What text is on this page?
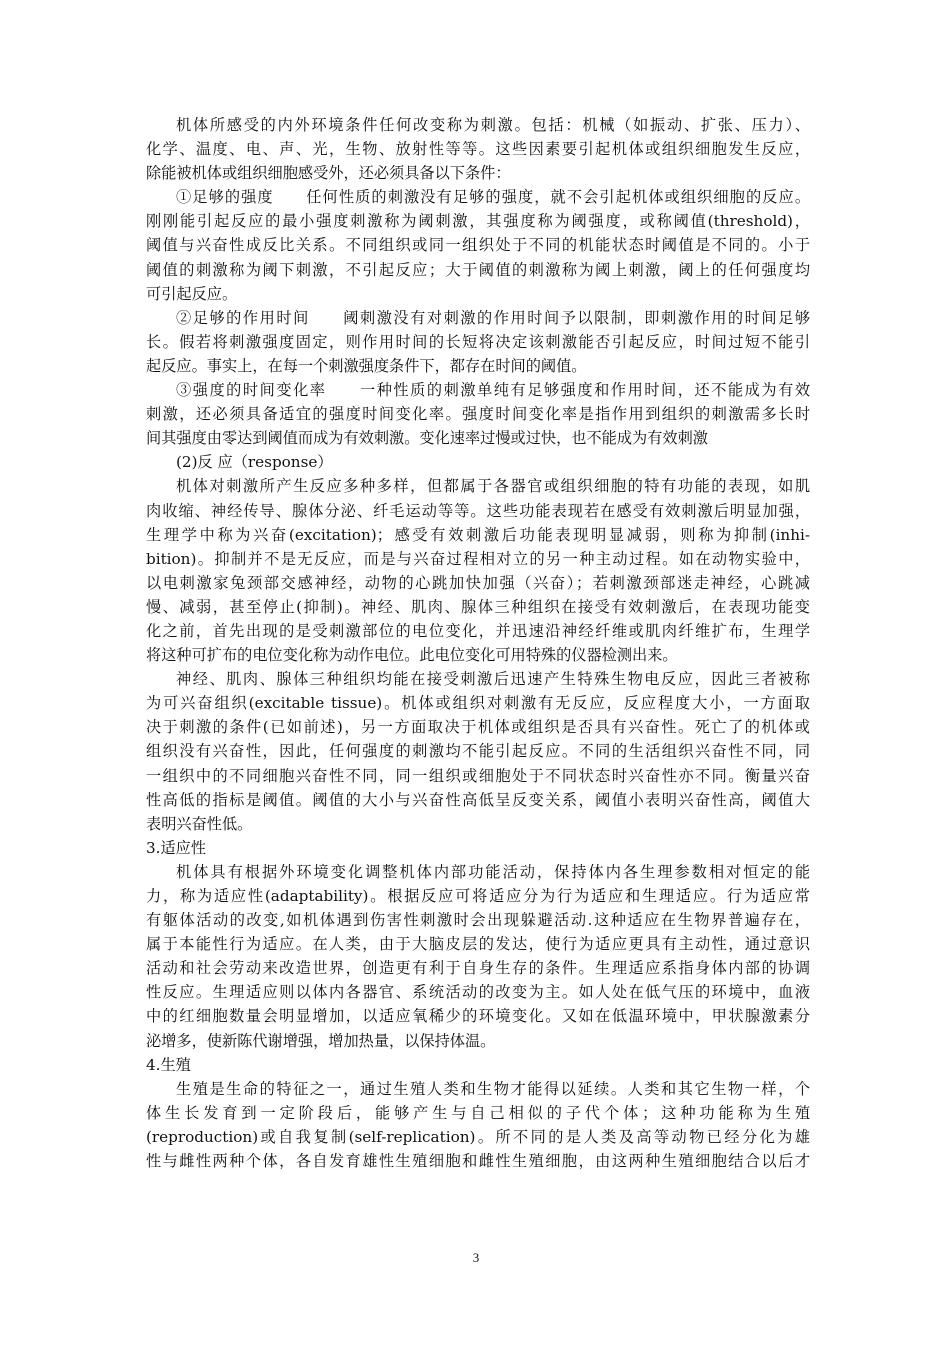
机体所感受的内外环境条件任何改变称为刺激。包括：机械（如振动、扩张、压力）、
化学、温度、电、声、光，生物、放射性等等。这些因素要引起机体或组织细胞发生反应，
除能被机体或组织细胞感受外，还必须具备以下条件：
①足够的强度　　任何性质的刺激没有足够的强度，就不会引起机体或组织细胞的反应。
刚刚能引起反应的最小强度刺激称为阈刺激，其强度称为阈强度，或称阈值(threshold)，
阈值与兴奋性成反比关系。不同组织或同一组织处于不同的机能状态时阈值是不同的。小于
阈值的刺激称为阈下刺激，不引起反应；大于阈值的刺激称为阈上刺激，阈上的任何强度均
可引起反应。
②足够的作用时间　　阈刺激没有对刺激的作用时间予以限制，即刺激作用的时间足够
长。假若将刺激强度固定，则作用时间的长短将决定该刺激能否引起反应，时间过短不能引
起反应。事实上，在每一个刺激强度条件下，都存在时间的阈值。
③强度的时间变化率　　一种性质的刺激单纯有足够强度和作用时间，还不能成为有效
刺激，还必须具备适宜的强度时间变化率。强度时间变化率是指作用到组织的刺激需多长时
间其强度由零达到阈值而成为有效刺激。变化速率过慢或过快，也不能成为有效刺激
(2)反 应（response）
机体对刺激所产生反应多种多样，但都属于各器官或组织细胞的特有功能的表现，如肌
肉收缩、神经传导、腺体分泌、纤毛运动等等。这些功能表现若在感受有效刺激后明显加强，
生理学中称为兴奋(excitation)；感受有效刺激后功能表现明显减弱，则称为抑制(inhi-
bition)。抑制并不是无反应，而是与兴奋过程相对立的另一种主动过程。如在动物实验中，
以电刺激家兔颈部交感神经，动物的心跳加快加强（兴奋）；若刺激颈部迷走神经，心跳减
慢、减弱，甚至停止(抑制)。神经、肌肉、腺体三种组织在接受有效刺激后，在表现功能变
化之前，首先出现的是受刺激部位的电位变化，并迅速沿神经纤维或肌肉纤维扩布，生理学
将这种可扩布的电位变化称为动作电位。此电位变化可用特殊的仪器检测出来。
神经、肌肉、腺体三种组织均能在接受刺激后迅速产生特殊生物电反应，因此三者被称
为可兴奋组织(excitable tissue)。机体或组织对刺激有无反应，反应程度大小，一方面取
决于刺激的条件(已如前述)，另一方面取决于机体或组织是否具有兴奋性。死亡了的机体或
组织没有兴奋性，因此，任何强度的刺激均不能引起反应。不同的生活组织兴奋性不同，同
一组织中的不同细胞兴奋性不同，同一组织或细胞处于不同状态时兴奋性亦不同。衡量兴奋
性高低的指标是阈值。阈值的大小与兴奋性高低呈反变关系，阈值小表明兴奋性高，阈值大
表明兴奋性低。
3.适应性
机体具有根据外环境变化调整机体内部功能活动，保持体内各生理参数相对恒定的能
力，称为适应性(adaptability)。根据反应可将适应分为行为适应和生理适应。行为适应常
有躯体活动的改变,如机体遇到伤害性刺激时会出现躲避活动.这种适应在生物界普遍存在，
属于本能性行为适应。在人类，由于大脑皮层的发达，使行为适应更具有主动性，通过意识
活动和社会劳动来改造世界，创造更有利于自身生存的条件。生理适应系指身体内部的协调
性反应。生理适应则以体内各器官、系统活动的改变为主。如人处在低气压的环境中，血液
中的红细胞数量会明显增加，以适应氧稀少的环境变化。又如在低温环境中，甲状腺激素分
泌增多，使新陈代谢增强，增加热量，以保持体温。
4.生殖
生殖是生命的特征之一，通过生殖人类和生物才能得以延续。人类和其它生物一样，个
体生长发育到一定阶段后，能够产生与自己相似的子代个体；这种功能称为生殖
(reproduction)或自我复制(self-replication)。所不同的是人类及高等动物已经分化为雄
性与雌性两种个体，各自发育雄性生殖细胞和雌性生殖细胞，由这两种生殖细胞结合以后才
3
